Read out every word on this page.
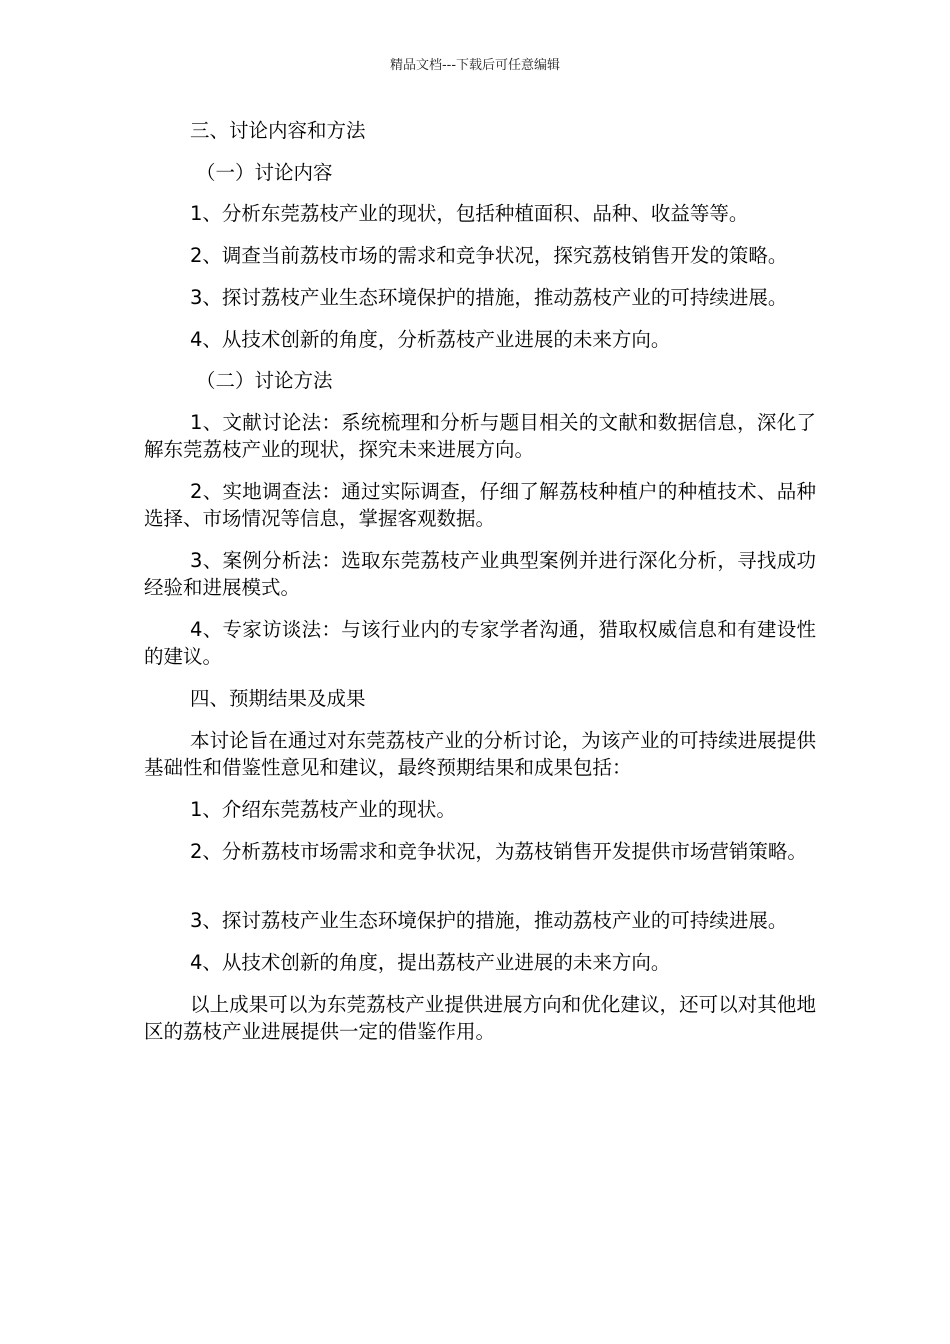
精品文档---下载后可任意编辑
三、讨论内容和方法
（一）讨论内容
1、分析东莞荔枝产业的现状，包括种植面积、品种、收益等等。
2、调查当前荔枝市场的需求和竞争状况，探究荔枝销售开发的策略。
3、探讨荔枝产业生态环境保护的措施，推动荔枝产业的可持续进展。
4、从技术创新的角度，分析荔枝产业进展的未来方向。
（二）讨论方法
1、文献讨论法：系统梳理和分析与题目相关的文献和数据信息，深化了解东莞荔枝产业的现状，探究未来进展方向。
2、实地调查法：通过实际调查，仔细了解荔枝种植户的种植技术、品种选择、市场情况等信息，掌握客观数据。
3、案例分析法：选取东莞荔枝产业典型案例并进行深化分析，寻找成功经验和进展模式。
4、专家访谈法：与该行业内的专家学者沟通，猎取权威信息和有建设性的建议。
四、预期结果及成果
本讨论旨在通过对东莞荔枝产业的分析讨论，为该产业的可持续进展提供基础性和借鉴性意见和建议，最终预期结果和成果包括：
1、介绍东莞荔枝产业的现状。
2、分析荔枝市场需求和竞争状况，为荔枝销售开发提供市场营销策略。
3、探讨荔枝产业生态环境保护的措施，推动荔枝产业的可持续进展。
4、从技术创新的角度，提出荔枝产业进展的未来方向。
以上成果可以为东莞荔枝产业提供进展方向和优化建议，还可以对其他地区的荔枝产业进展提供一定的借鉴作用。
